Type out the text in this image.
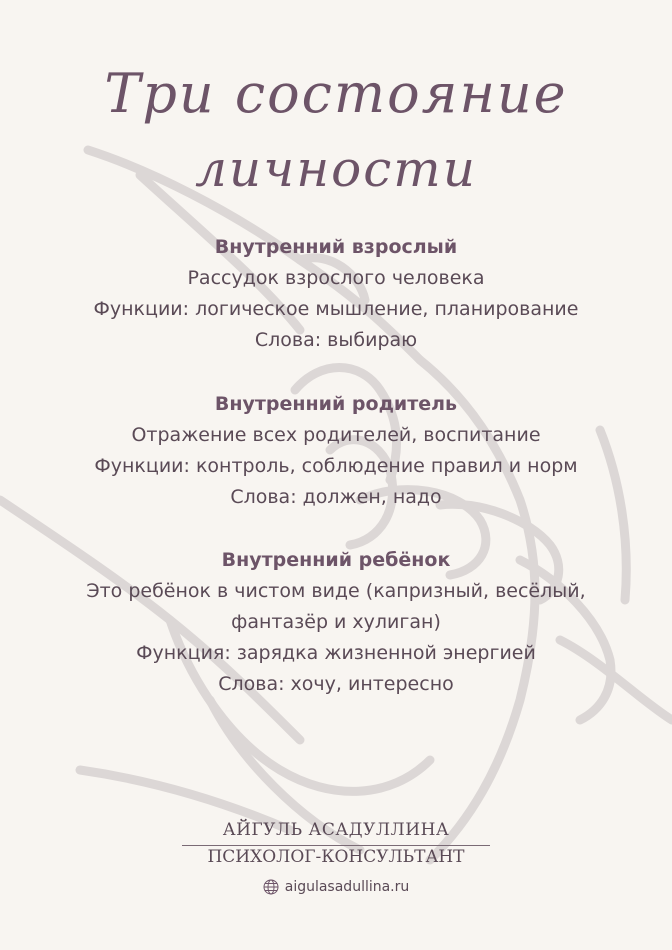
Три состояние
личности
Внутренний взрослый

Рассудок взрослого человека

Функции: логическое мышление, планирование

Слова: выбираю

Внутренний родитель

Отражение всех родителей, воспитание

Функции: контроль, соблюдение правил и норм

Слова: должен, надо

Внутренний ребёнок

Это ребёнок в чистом виде (капризный, весёлый,

фантазёр и хулиган)

Функция: зарядка жизненной энергией

Слова: хочу, интересно

АЙГУЛЬ АСАДУЛЛИНА
ПСИХОЛОГ-КОНСУЛЬТАНТ
aigulasadullina.ru
